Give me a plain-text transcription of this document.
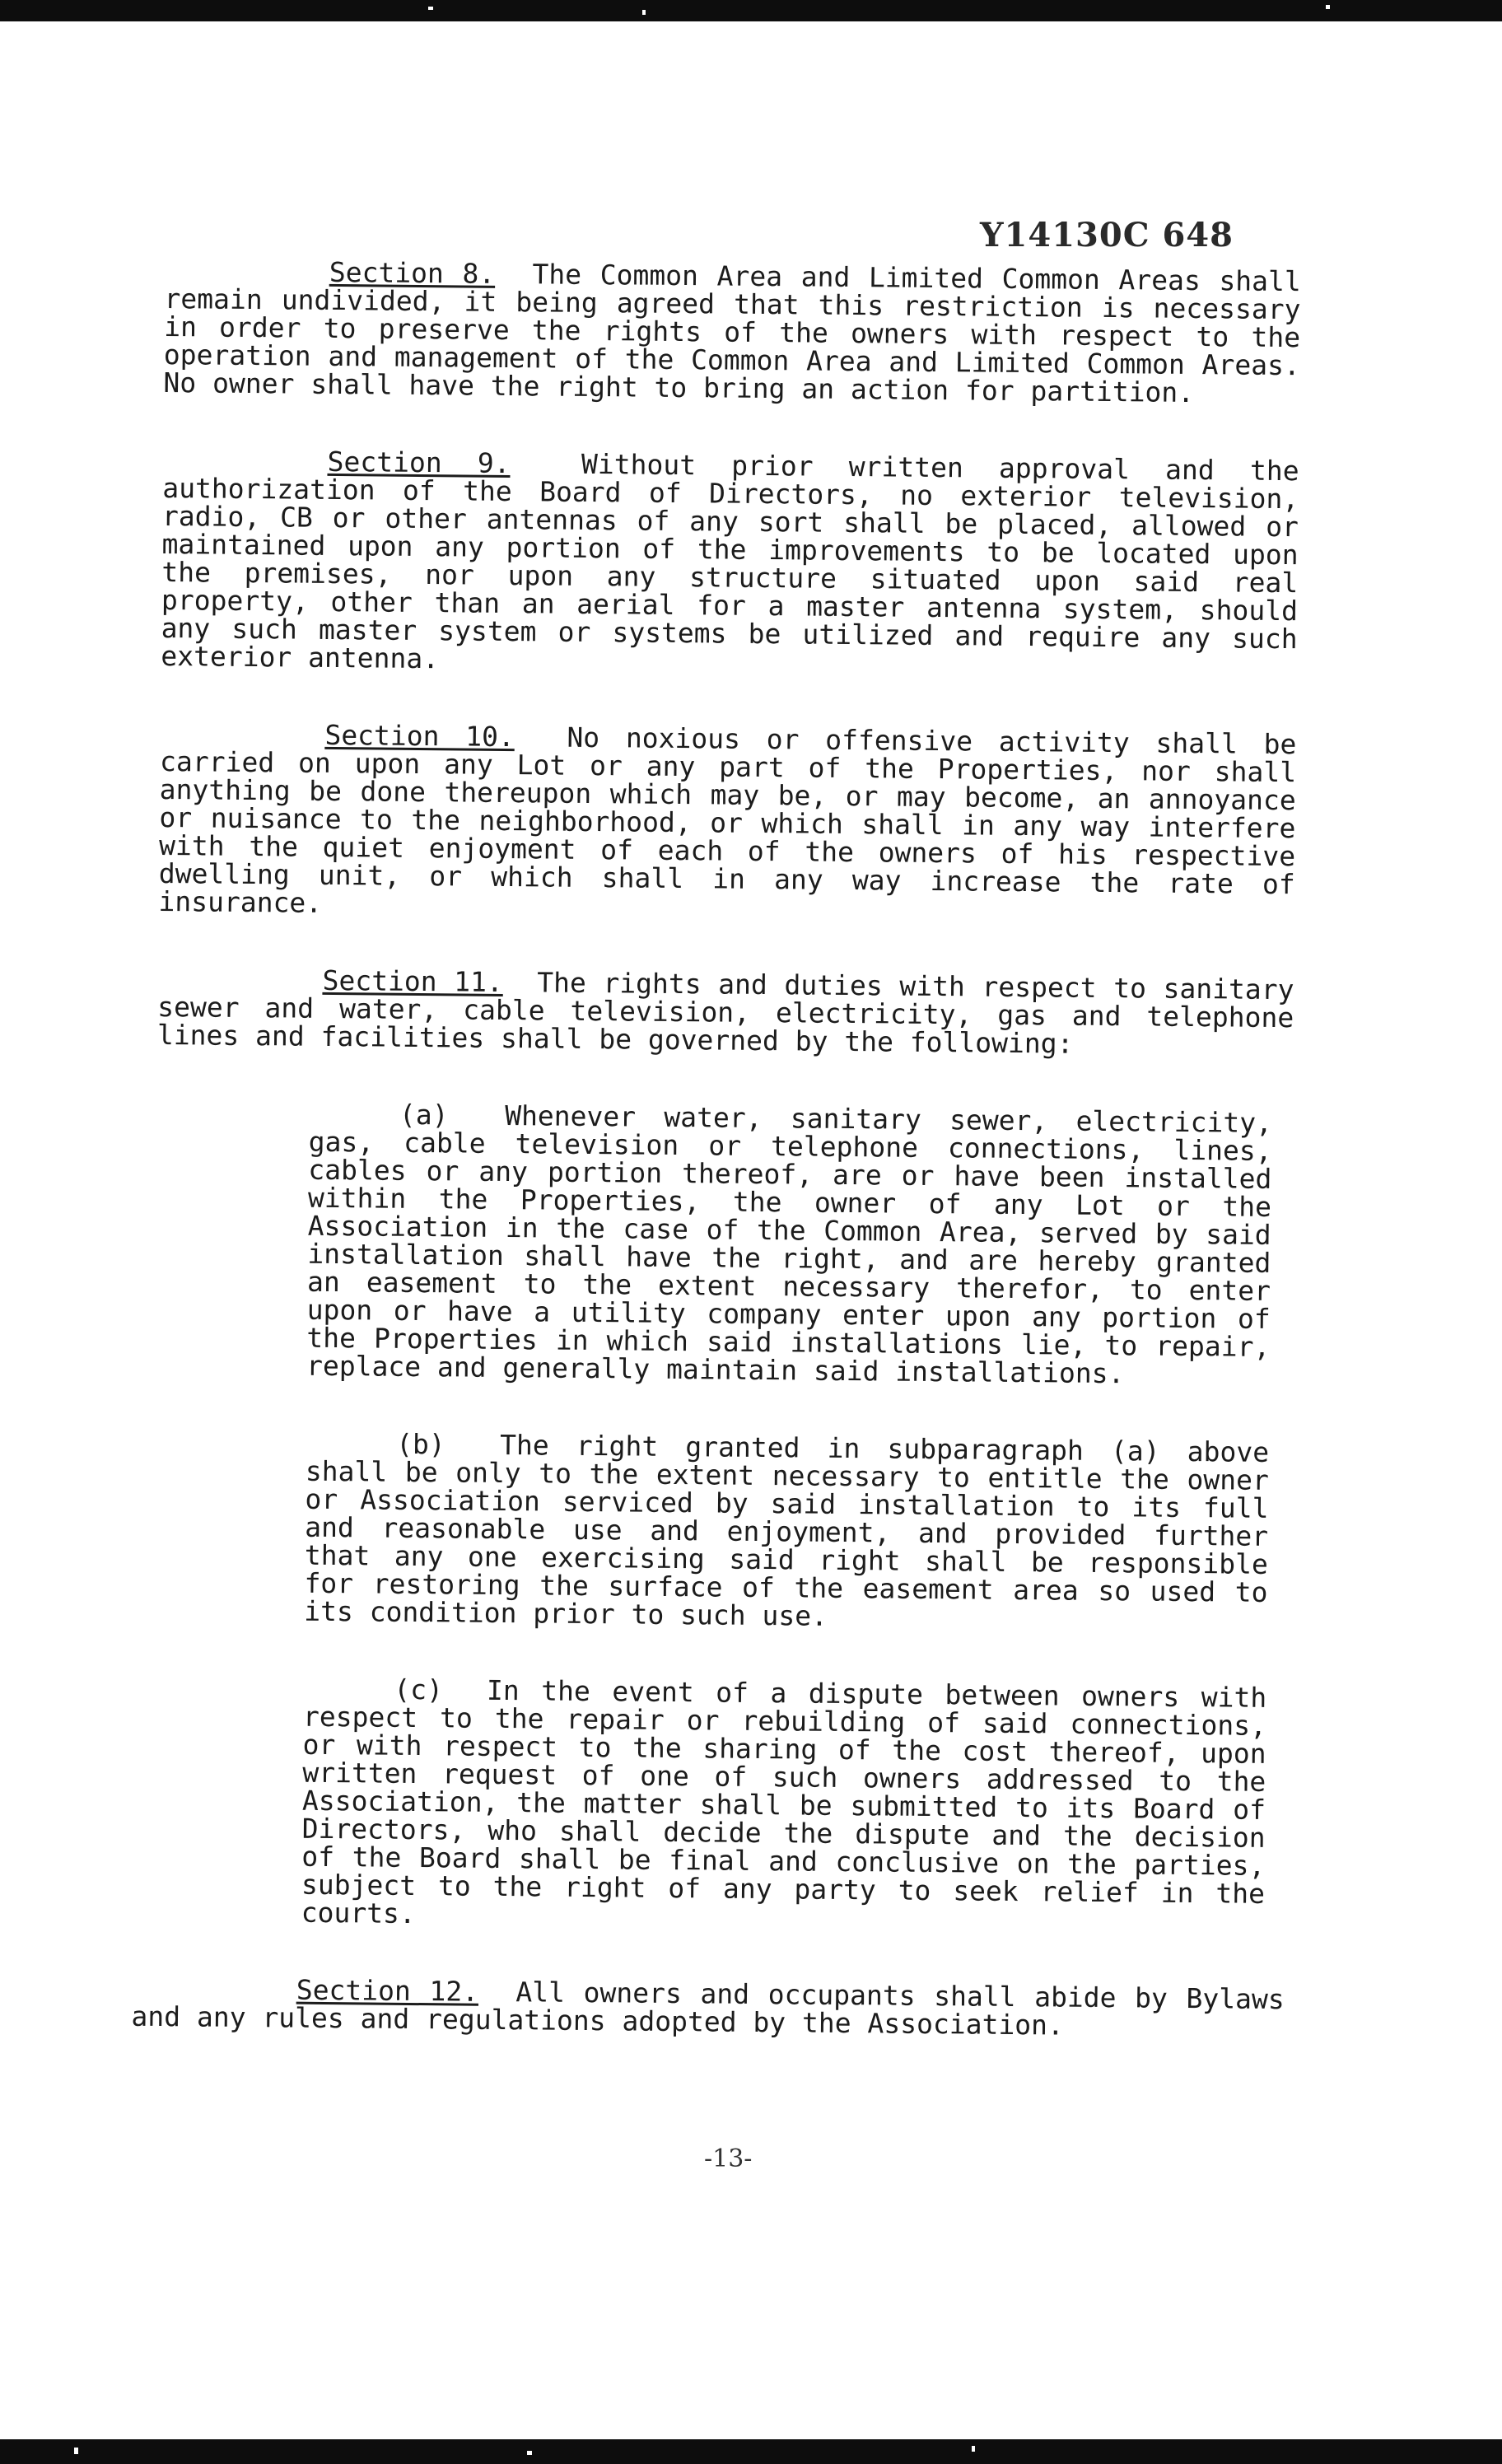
Y14130C 648

Section 8. The Common Area and Limited Common Areas shall remain undivided, it being agreed that this restriction is necessary in order to preserve the rights of the owners with respect to the operation and management of the Common Area and Limited Common Areas. No owner shall have the right to bring an action for partition.

Section 9.	Without prior written approval and the authorization of the Board of Directors, no exterior television, radio, CB or other antennas of any sort shall be placed, allowed or maintained upon any portion of the improvements to be located upon the premises, nor upon any structure situated upon said real property, other than an aerial for a master antenna system, should any such master system or systems be utilized and require any such exterior antenna.

Section 10. No noxious or offensive activity shall be carried on upon any Lot or any part of the Properties, nor shall anything be done thereupon which may be, or may become, an annoyance or nuisance to the neighborhood, or which shall in any way interfere with the quiet enjoyment of each of the owners of his respective dwelling unit, or which shall in any way increase the rate of insurance.

Section 11. The rights and duties with respect to sanitary sewer and water, cable television, electricity, gas and telephone lines and facilities shall be governed by the following:

(a) Whenever water, sanitary sewer, electricity, gas, cable television or telephone connections, lines, cables or any portion thereof, are or have been installed within the Properties, the owner of any Lot or the Association in the case of the Common Area, served by said installation shall have the right, and are hereby granted an easement to the extent necessary therefor, to enter upon or have a utility company enter upon any portion of the Properties in which said installations lie, to repair, replace and generally maintain said installations.

(b) The right granted in subparagraph (a) above shall be only to the extent necessary to entitle the owner or Association serviced by said installation to its full and reasonable use and enjoyment, and provided further that any one exercising said right shall be responsible for restoring the surface of the easement area so used to its condition prior to such use.

(c) In the event of a dispute between owners with respect to the repair or rebuilding of said connections, or with respect to the sharing of the cost thereof, upon written request of one of such owners addressed to the Association, the matter shall be submitted to its Board of Directors, who shall decide the dispute and the decision of the Board shall be final and conclusive on the parties, subject to the right of any party to seek relief in the courts.

Section 12. All owners and occupants shall abide by Bylaws and any rules and regulations adopted by the Association.

-13-
